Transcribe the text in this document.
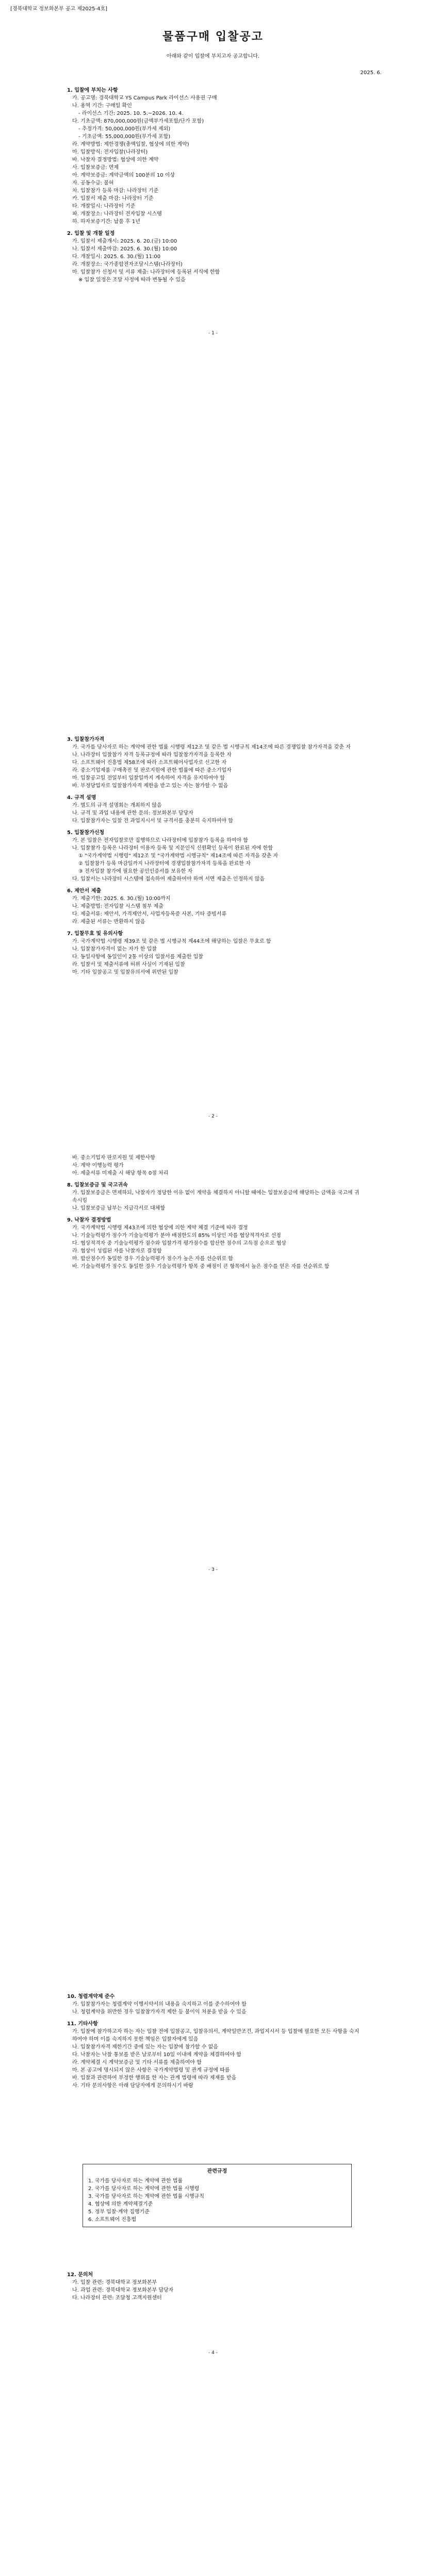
[경북대학교 정보화본부 공고 제2025-4호]
물품구매 입찰공고
아래와 같이 입찰에 부치고자 공고합니다.
2025. 6.
1. 입찰에 부치는 사항
가. 공고명: 경북대학교 YS Campus Park 라이선스 사용권 구매
나. 용역 기간: 구매일 확인
- 라이선스 기간: 2025. 10. 5.~2026. 10. 4.
다. 기초금액: 870,000,000원(금액부가세포함/단가 포함)
- 추정가격: 50,000,000원(부가세 제외)
- 기초금액: 55,000,000원(부가세 포함)
라. 계약방법: 제한경쟁(총액입찰, 협상에 의한 계약)
마. 입찰방식: 전자입찰(나라장터)
바. 낙찰자 결정방법: 협상에 의한 계약
사. 입찰보증금: 면제
아. 계약보증금: 계약금액의 100분의 10 이상
자. 공동수급: 불허
차. 입찰참가 등록 마감: 나라장터 기준
카. 입찰서 제출 마감: 나라장터 기준
타. 개찰일시: 나라장터 기준
파. 개찰장소: 나라장터 전자입찰 시스템
하. 하자보증기간: 납품 후 1년
2. 입찰 및 개찰 일정
가. 입찰서 제출개시: 2025. 6. 20.(금) 10:00
나. 입찰서 제출마감: 2025. 6. 30.(월) 10:00
다. 개찰일시: 2025. 6. 30.(월) 11:00
라. 개찰장소: 국가종합전자조달시스템(나라장터)
마. 입찰참가 신청서 및 서류 제출: 나라장터에 등록된 서식에 한함
※ 입찰 일정은 조달 사정에 따라 변동될 수 있음
- 1 -
3. 입찰참가자격
가. 국가를 당사자로 하는 계약에 관한 법률 시행령 제12조 및 같은 법 시행규칙 제14조에 따른 경쟁입찰 참가자격을 갖춘 자
나. 나라장터 입찰참가 자격 등록규정에 따라 입찰참가자격을 등록한 자
다. 소프트웨어 진흥법 제58조에 따라 소프트웨어사업자로 신고한 자
라. 중소기업제품 구매촉진 및 판로지원에 관한 법률에 따른 중소기업자
마. 입찰공고일 전일부터 입찰일까지 계속하여 자격을 유지하여야 함
바. 부정당업자로 입찰참가자격 제한을 받고 있는 자는 참가할 수 없음
4. 규격 설명
가. 별도의 규격 설명회는 개최하지 않음
나. 규격 및 과업 내용에 관한 문의: 정보화본부 담당자
다. 입찰참가자는 입찰 전 과업지시서 및 규격서를 충분히 숙지하여야 함
5. 입찰참가신청
가. 본 입찰은 전자입찰로만 집행하므로 나라장터에 입찰참가 등록을 하여야 함
나. 입찰참가 등록은 나라장터 이용자 등록 및 지문인식 신원확인 등록이 완료된 자에 한함
① "국가계약법 시행령" 제12조 및 "국가계약법 시행규칙" 제14조에 따른 자격을 갖춘 자
② 입찰참가 등록 마감일까지 나라장터에 경쟁입찰참가자격 등록을 완료한 자
③ 전자입찰 참가에 필요한 공인인증서를 보유한 자
다. 입찰서는 나라장터 시스템에 접속하여 제출하여야 하며 서면 제출은 인정하지 않음
6. 제안서 제출
가. 제출기한: 2025. 6. 30.(월) 10:00까지
나. 제출방법: 전자입찰 시스템 첨부 제출
다. 제출서류: 제안서, 가격제안서, 사업자등록증 사본, 기타 증빙서류
라. 제출된 서류는 반환하지 않음
7. 입찰무효 및 유의사항
가. 국가계약법 시행령 제39조 및 같은 법 시행규칙 제44조에 해당하는 입찰은 무효로 함
나. 입찰참가자격이 없는 자가 한 입찰
다. 동일사항에 동일인이 2통 이상의 입찰서를 제출한 입찰
라. 입찰서 및 제출서류에 허위 사실이 기재된 입찰
마. 기타 입찰공고 및 입찰유의서에 위반된 입찰
- 2 -
바. 중소기업자 판로지원 및 제한사항
사. 계약 이행능력 평가
아. 제출서류 미제출 시 해당 항목 0점 처리
8. 입찰보증금 및 국고귀속
가. 입찰보증금은 면제하되, 낙찰자가 정당한 이유 없이 계약을 체결하지 아니할 때에는 입찰보증금에 해당하는 금액을 국고에 귀속시킴
나. 입찰보증금 납부는 지급각서로 대체함
9. 낙찰자 결정방법
가. 국가계약법 시행령 제43조에 의한 협상에 의한 계약 체결 기준에 따라 결정
나. 기술능력평가 점수가 기술능력평가 분야 배점한도의 85% 이상인 자를 협상적격자로 선정
다. 협상적격자 중 기술능력평가 점수와 입찰가격 평가점수를 합산한 점수의 고득점 순으로 협상
라. 협상이 성립된 자를 낙찰자로 결정함
마. 합산점수가 동일한 경우 기술능력평가 점수가 높은 자를 선순위로 함
바. 기술능력평가 점수도 동일한 경우 기술능력평가 항목 중 배점이 큰 항목에서 높은 점수를 얻은 자를 선순위로 함
- 3 -
10. 청렴계약제 준수
가. 입찰참가자는 청렴계약 이행서약서의 내용을 숙지하고 이를 준수하여야 함
나. 청렴계약을 위반한 경우 입찰참가자격 제한 등 불이익 처분을 받을 수 있음
11. 기타사항
가. 입찰에 참가하고자 하는 자는 입찰 전에 입찰공고, 입찰유의서, 계약일반조건, 과업지시서 등 입찰에 필요한 모든 사항을 숙지하여야 하며 이를 숙지하지 못한 책임은 입찰자에게 있음
나. 입찰참가자격 제한기간 중에 있는 자는 입찰에 참가할 수 없음
다. 낙찰자는 낙찰 통보를 받은 날로부터 10일 이내에 계약을 체결하여야 함
라. 계약체결 시 계약보증금 및 기타 서류를 제출하여야 함
마. 본 공고에 명시되지 않은 사항은 국가계약법령 및 관계 규정에 따름
바. 입찰과 관련하여 부정한 행위를 한 자는 관계 법령에 따라 제재를 받음
사. 기타 문의사항은 아래 담당자에게 문의하시기 바람
관련규정
1. 국가를 당사자로 하는 계약에 관한 법률
2. 국가를 당사자로 하는 계약에 관한 법률 시행령
3. 국가를 당사자로 하는 계약에 관한 법률 시행규칙
4. 협상에 의한 계약체결기준
5. 정부 입찰·계약 집행기준
6. 소프트웨어 진흥법
12. 문의처
가. 입찰 관련: 경북대학교 정보화본부
나. 과업 관련: 경북대학교 정보화본부 담당자
다. 나라장터 관련: 조달청 고객지원센터
- 4 -
